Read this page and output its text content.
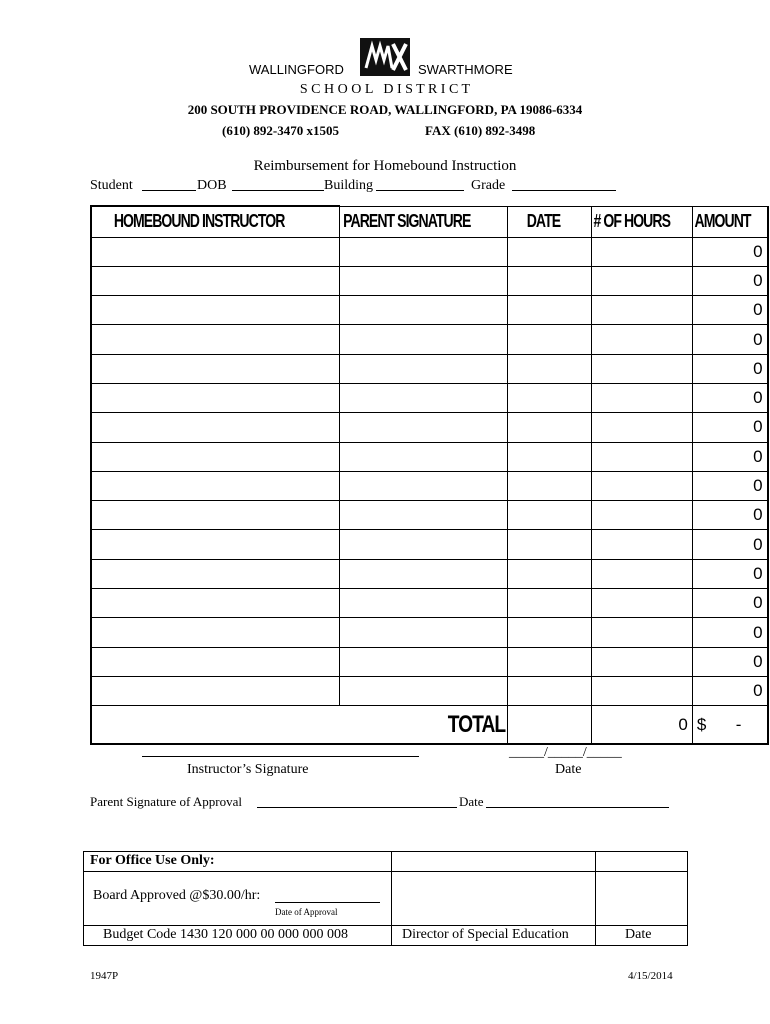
WALLINGFORD	SWARTHMORE
S C H O O L   D I S T R I C T
200 SOUTH PROVIDENCE ROAD, WALLINGFORD, PA 19086-6334
(610) 892-3470 x1505	FAX (610) 892-3498
Reimbursement for Homebound Instruction
Student	DOB	Building	Grade
HOMEBOUND INSTRUCTOR	PARENT SIGNATURE	DATE	# OF HOURS	AMOUNT

				0
				0
				0
				0
				0
				0
				0
				0
				0
				0
				0
				0
				0
				0
				0
				0
TOTAL			0	$ -
Instructor’s Signature
_____/_____/_____
Date
Parent Signature of Approval	Date
For Office Use Only:		

Board Approved @$30.00/hr:
Date of Approval		

Budget Code 1430 120 000 00 000 000 008	Director of Special Education	Date
1947P	4/15/2014
